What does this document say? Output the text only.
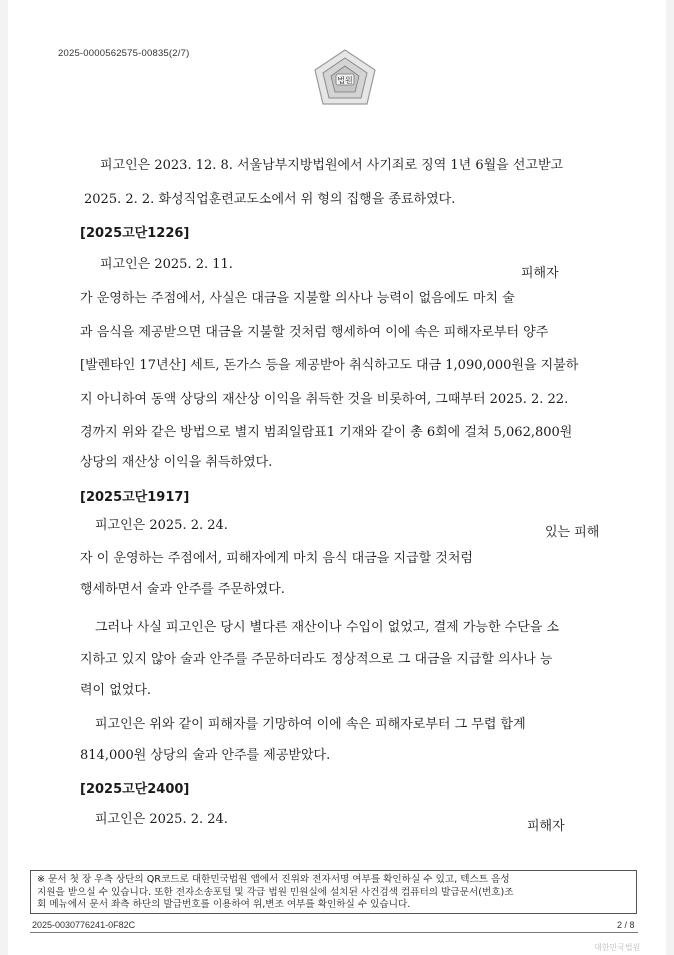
2025-0000562575-00835(2/7)
법원
피고인은 2023. 12. 8. 서울남부지방법원에서 사기죄로 징역 1년 6월을 선고받고
2025. 2. 2. 화성직업훈련교도소에서 위 형의 집행을 종료하였다.
[2025고단1226]
피고인은 2025. 2. 11.
피해자
가 운영하는 주점에서, 사실은 대금을 지불할 의사나 능력이 없음에도 마치 술
과 음식을 제공받으면 대금을 지불할 것처럼 행세하여 이에 속은 피해자로부터 양주
[발렌타인 17년산] 세트, 돈가스 등을 제공받아 취식하고도 대금 1,090,000원을 지불하
지 아니하여 동액 상당의 재산상 이익을 취득한 것을 비롯하여, 그때부터 2025. 2. 22.
경까지 위와 같은 방법으로 별지 범죄일람표1 기재와 같이 총 6회에 걸쳐 5,062,800원
상당의 재산상 이익을 취득하였다.
[2025고단1917]
피고인은 2025. 2. 24.	있는 피해
자 이 운영하는 주점에서, 피해자에게 마치 음식 대금을 지급할 것처럼
행세하면서 술과 안주를 주문하였다.
그러나 사실 피고인은 당시 별다른 재산이나 수입이 없었고, 결제 가능한 수단을 소
지하고 있지 않아 술과 안주를 주문하더라도 정상적으로 그 대금을 지급할 의사나 능
력이 없었다.
피고인은 위와 같이 피해자를 기망하여 이에 속은 피해자로부터 그 무렵 합계
814,000원 상당의 술과 안주를 제공받았다.
[2025고단2400]
피고인은 2025. 2. 24.	피해자
※ 문서 첫 장 우측 상단의 QR코드로 대한민국법원 앱에서 진위와 전자서명 여부를 확인하실 수 있고, 텍스트 음성
지원을 받으실 수 있습니다. 또한 전자소송포털 및 각급 법원 민원실에 설치된 사건검색 컴퓨터의 발급문서(번호)조
회 메뉴에서 문서 좌측 하단의 발급번호를 이용하여 위,변조 여부를 확인하실 수 있습니다.
2025-0030776241-0F82C	2 / 8
대한민국법원
